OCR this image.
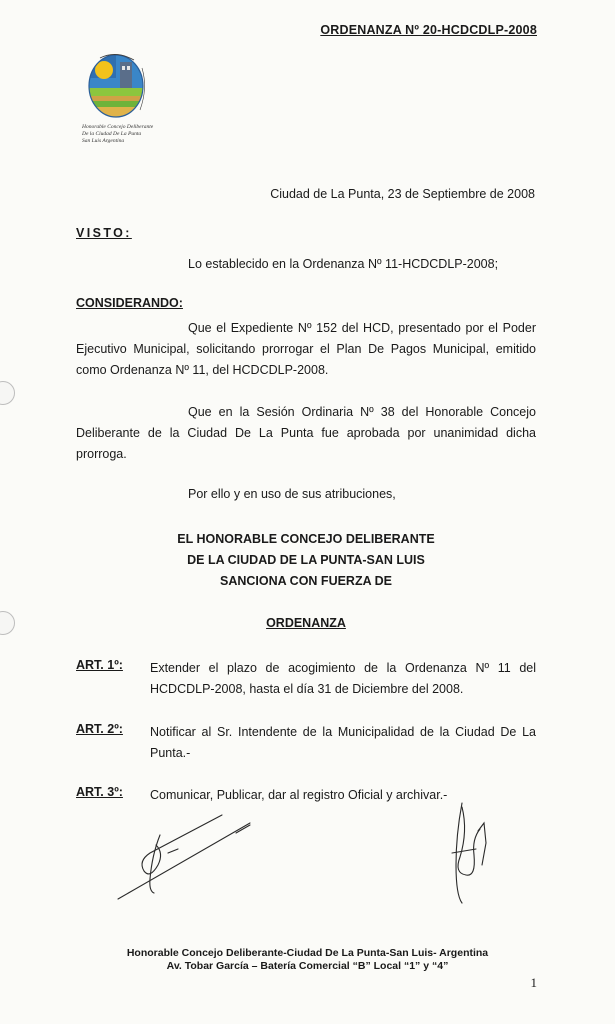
ORDENANZA Nº 20-HCDCDLP-2008
Honorable Concejo Deliberante
De la Ciudad De La Punta
San Luis Argentina
Ciudad de La Punta, 23 de Septiembre de 2008
VISTO:
Lo establecido en la Ordenanza Nº 11-HCDCDLP-2008;
CONSIDERANDO:
Que el Expediente Nº 152 del HCD, presentado por el Poder Ejecutivo Municipal, solicitando prorrogar el Plan De Pagos Municipal, emitido como Ordenanza Nº 11, del HCDCDLP-2008.
Que en la Sesión Ordinaria Nº 38 del Honorable Concejo Deliberante de la Ciudad De La Punta fue aprobada por unanimidad dicha prorroga.
Por ello y en uso de sus atribuciones,
EL HONORABLE CONCEJO DELIBERANTE
DE LA CIUDAD DE LA PUNTA-SAN LUIS
SANCIONA CON FUERZA DE
ORDENANZA
ART. 1º: Extender el plazo de acogimiento de la Ordenanza Nº 11 del HCDCDLP-2008, hasta el día 31 de Diciembre del 2008.
ART. 2º: Notificar al Sr. Intendente de la Municipalidad de la Ciudad De La Punta.-
ART. 3º: Comunicar, Publicar, dar al registro Oficial y archivar.-
Honorable Concejo Deliberante-Ciudad De La Punta-San Luis- Argentina
Av. Tobar García – Batería Comercial “B” Local “1” y “4”
1
